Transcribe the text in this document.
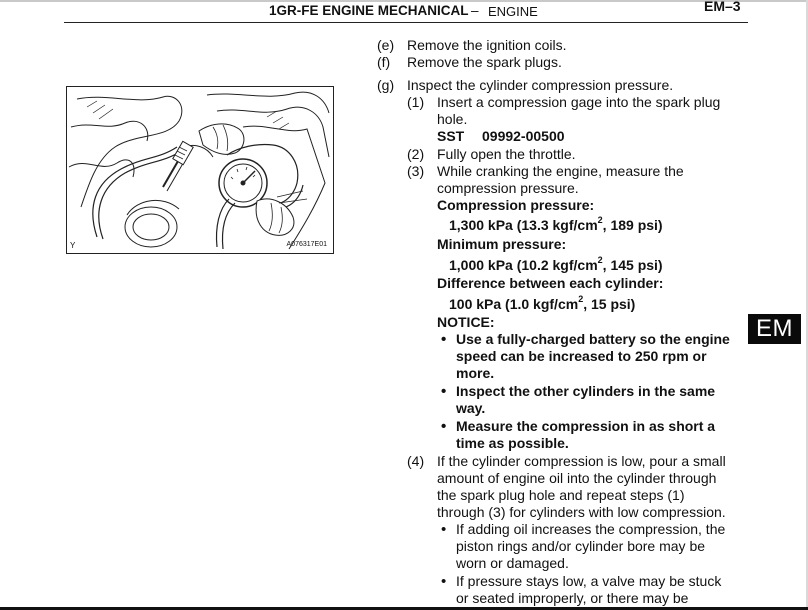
1GR-FE ENGINE MECHANICAL – ENGINE	EM–3
A076317E01
Y
EM
(e) Remove the ignition coils.
(f) Remove the spark plugs.
(g) Inspect the cylinder compression pressure.
(1) Insert a compression gage into the spark plug
hole.
SST 09992-00500
(2) Fully open the throttle.
(3) While cranking the engine, measure the
compression pressure.
Compression pressure:
1,300 kPa (13.3 kgf/$cm^2$, 189 psi)
Minimum pressure:
1,000 kPa (10.2 kgf/$cm^2$, 145 psi)
Difference between each cylinder:
100 kPa (1.0 kgf/$cm^2$, 15 psi)
NOTICE:
• Use a fully-charged battery so the engine
speed can be increased to 250 rpm or
more.
• Inspect the other cylinders in the same
way.
• Measure the compression in as short a
time as possible.
(4) If the cylinder compression is low, pour a small
amount of engine oil into the cylinder through
the spark plug hole and repeat steps (1)
through (3) for cylinders with low compression.
• If adding oil increases the compression, the
piston rings and/or cylinder bore may be
worn or damaged.
• If pressure stays low, a valve may be stuck
or seated improperly, or there may be
